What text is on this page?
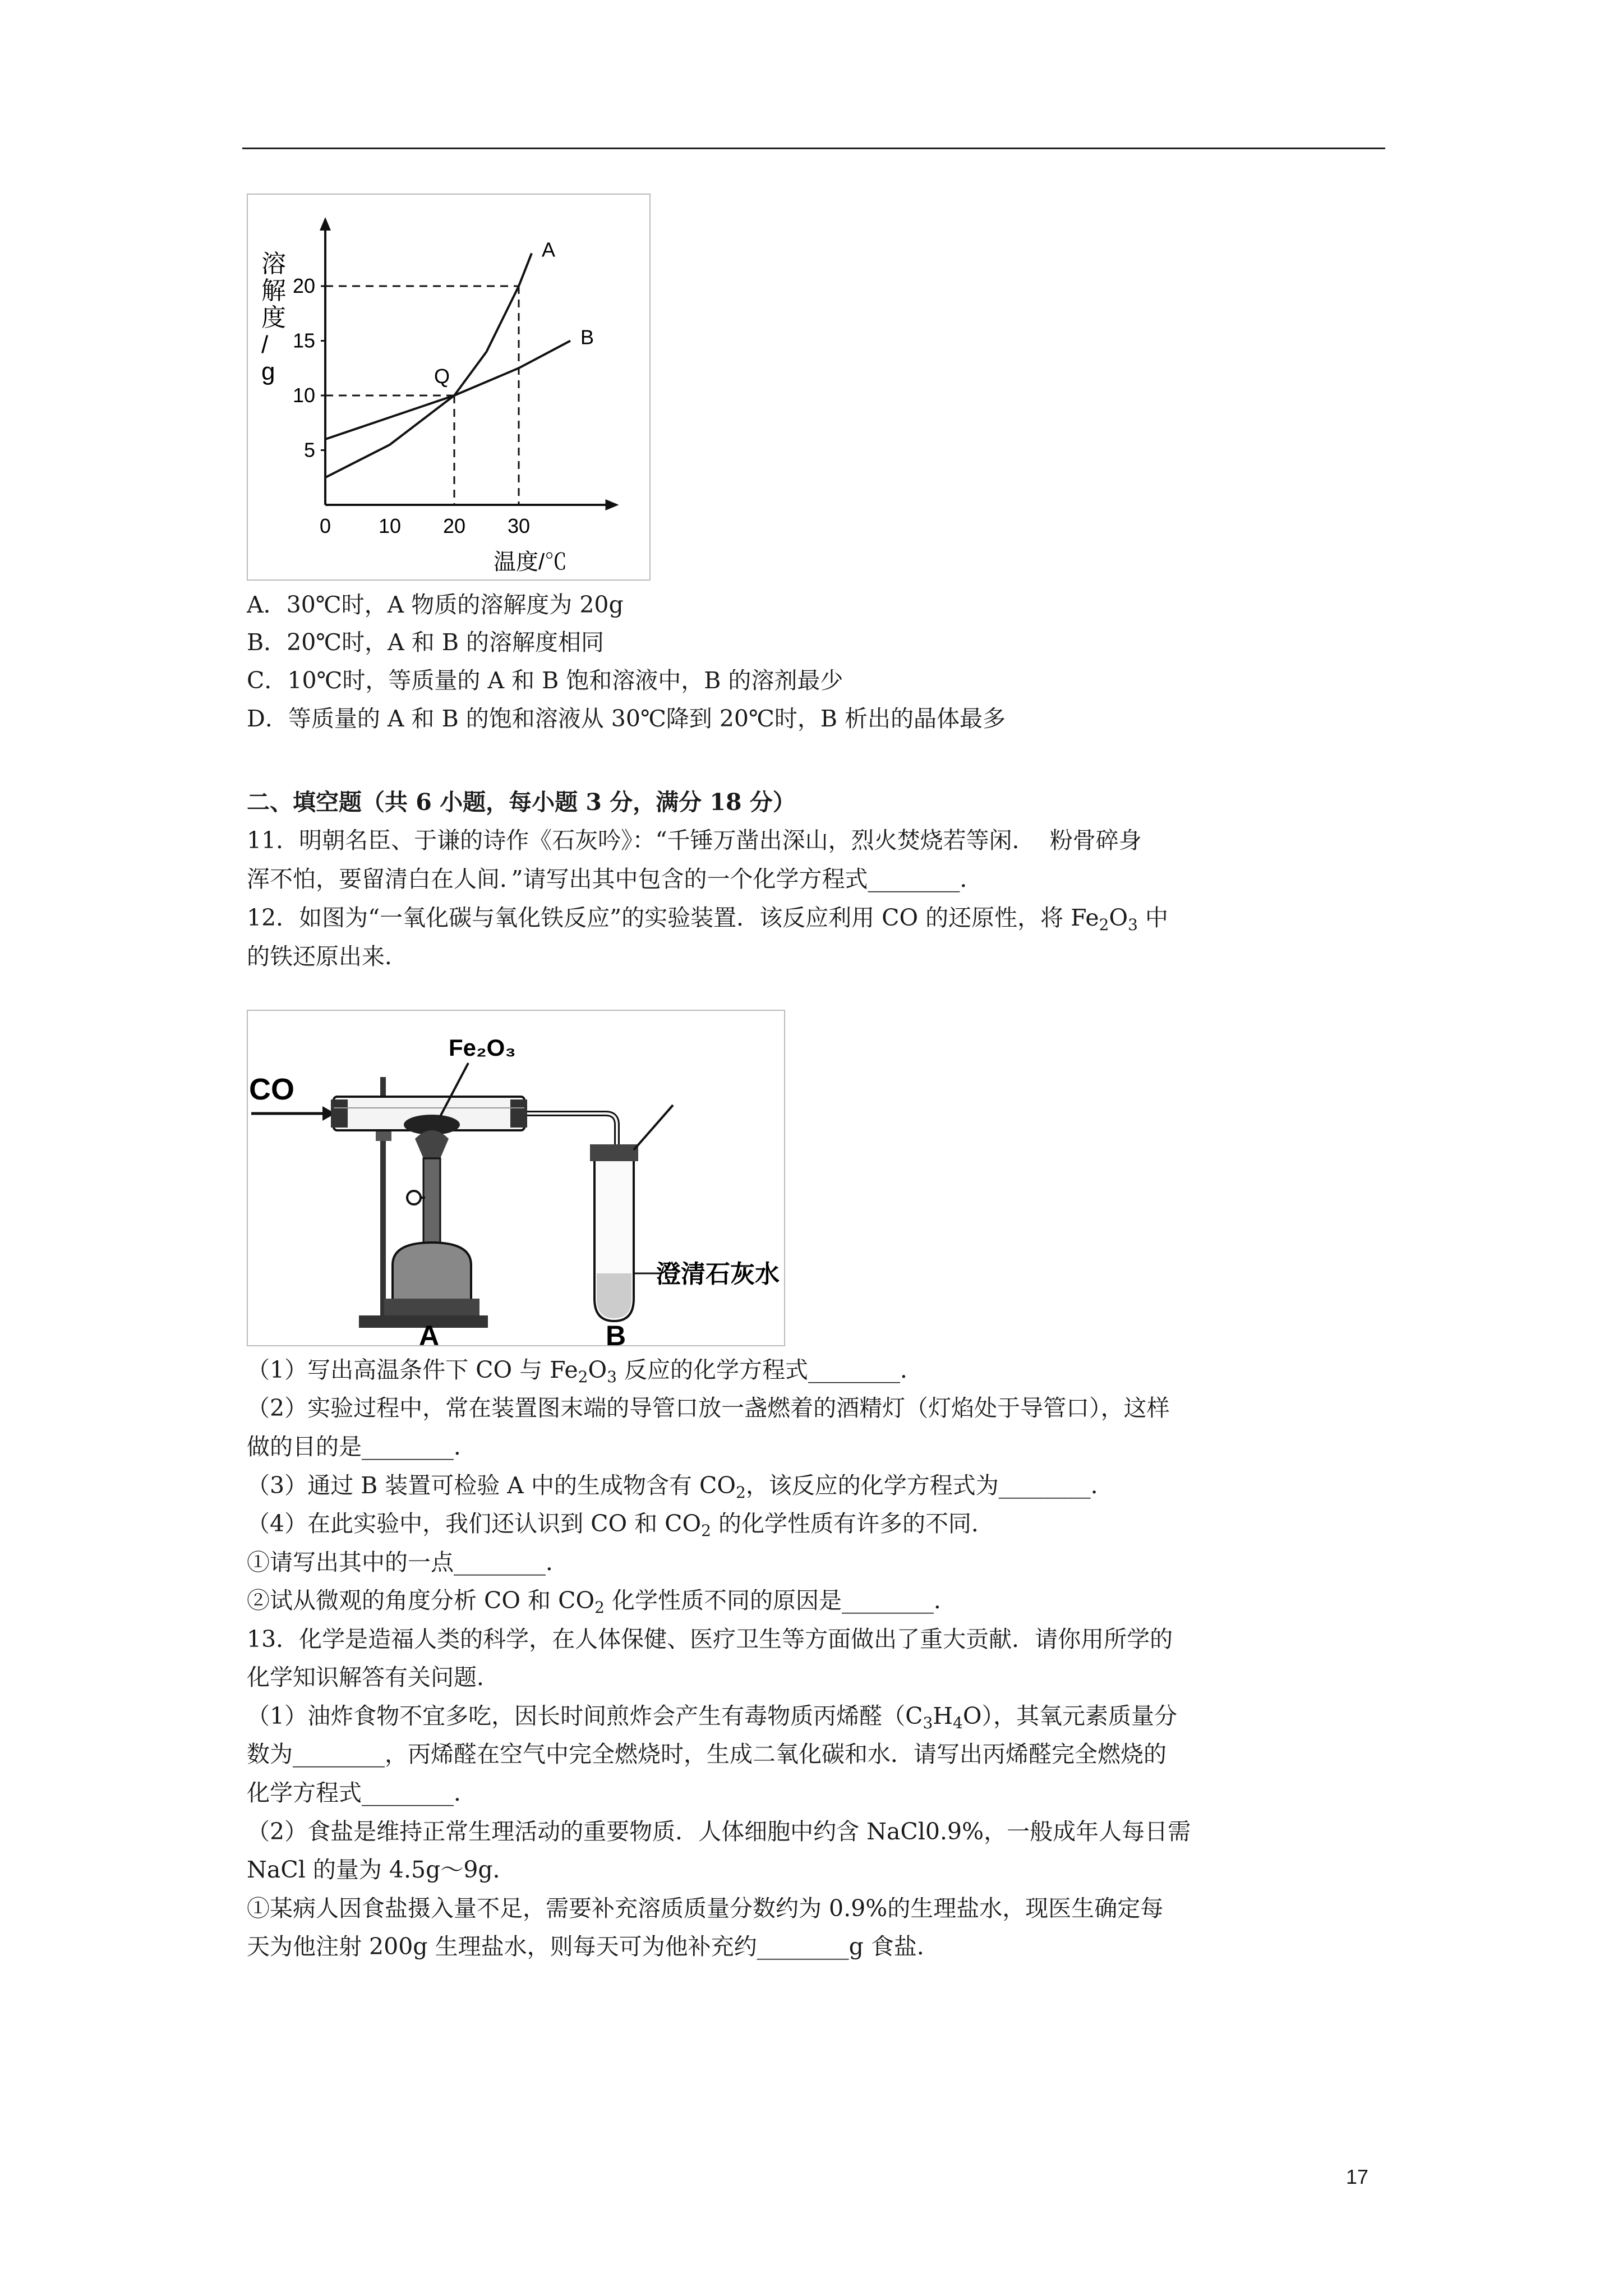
0 10 20 30
5
10
15
20
A
B
Q
溶解度/ g
温度/℃
A．30℃时，A 物质的溶解度为 20g
B．20℃时，A 和 B 的溶解度相同
C．10℃时，等质量的 A 和 B 饱和溶液中，B 的溶剂最少
D．等质量的 A 和 B 的饱和溶液从 30℃降到 20℃时，B 析出的晶体最多
二、填空题（共 6 小题，每小题 3 分，满分 18 分）
11．明朝名臣、于谦的诗作《石灰吟》：“千锤万凿出深山，烈火焚烧若等闲．  粉骨碎身
浑不怕，要留清白在人间．”请写出其中包含的一个化学方程式________．
12．如图为“一氧化碳与氧化铁反应”的实验装置．该反应利用 CO 的还原性，将 $Fe_2O_3$ 中
的铁还原出来．
CO
Fe₂O₃
澄清石灰水
A	B
（1）写出高温条件下 CO 与 $Fe_2O_3$ 反应的化学方程式________．
（2）实验过程中，常在装置图末端的导管口放一盏燃着的酒精灯（灯焰处于导管口），这样
做的目的是________．
（3）通过 B 装置可检验 A 中的生成物含有 $CO_2$，该反应的化学方程式为________．
（4）在此实验中，我们还认识到 CO 和 $CO_2$ 的化学性质有许多的不同．
①请写出其中的一点________．
②试从微观的角度分析 CO 和 $CO_2$ 化学性质不同的原因是________．
13．化学是造福人类的科学，在人体保健、医疗卫生等方面做出了重大贡献．请你用所学的
化学知识解答有关问题．
（1）油炸食物不宜多吃，因长时间煎炸会产生有毒物质丙烯醛$(C_3H_4O)$，其氧元素质量分
数为________，丙烯醛在空气中完全燃烧时，生成二氧化碳和水．请写出丙烯醛完全燃烧的
化学方程式________．
（2）食盐是维持正常生理活动的重要物质．人体细胞中约含 NaCl0.9%，一般成年人每日需
NaCl 的量为 4.5g～9g．
①某病人因食盐摄入量不足，需要补充溶质质量分数约为 0.9%的生理盐水，现医生确定每
天为他注射 200g 生理盐水，则每天可为他补充约________g 食盐．
17
